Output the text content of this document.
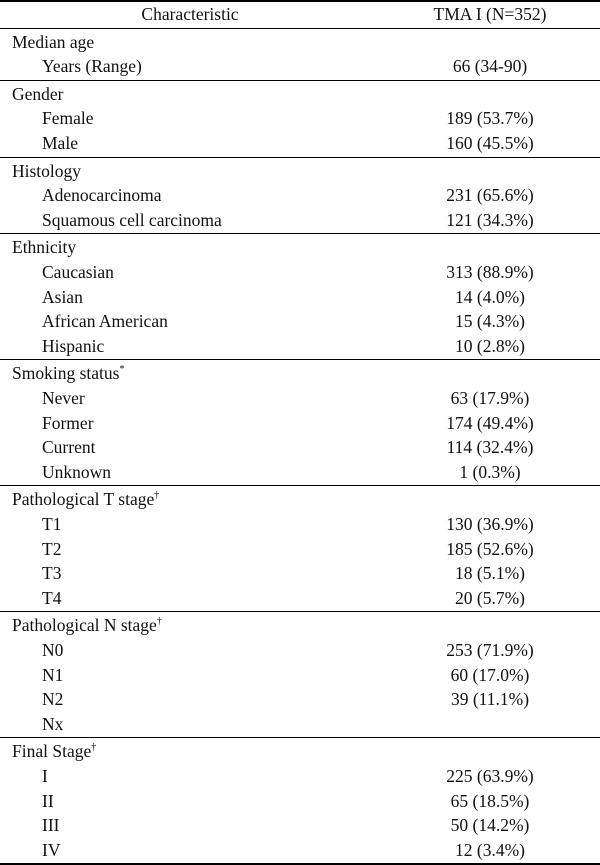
Characteristic	TMA I (N=352)
Median age
Years (Range)	66 (34-90)
Gender
Female	189 (53.7%)
Male	160 (45.5%)
Histology
Adenocarcinoma	231 (65.6%)
Squamous cell carcinoma	121 (34.3%)
Ethnicity
Caucasian	313 (88.9%)
Asian	14 (4.0%)
African American	15 (4.3%)
Hispanic	10 (2.8%)
Smoking status*
Never	63 (17.9%)
Former	174 (49.4%)
Current	114 (32.4%)
Unknown	1 (0.3%)
Pathological T stage†
T1	130 (36.9%)
T2	185 (52.6%)
T3	18 (5.1%)
T4	20 (5.7%)
Pathological N stage†
N0	253 (71.9%)
N1	60 (17.0%)
N2	39 (11.1%)
Nx
Final Stage†
I	225 (63.9%)
II	65 (18.5%)
III	50 (14.2%)
IV	12 (3.4%)
